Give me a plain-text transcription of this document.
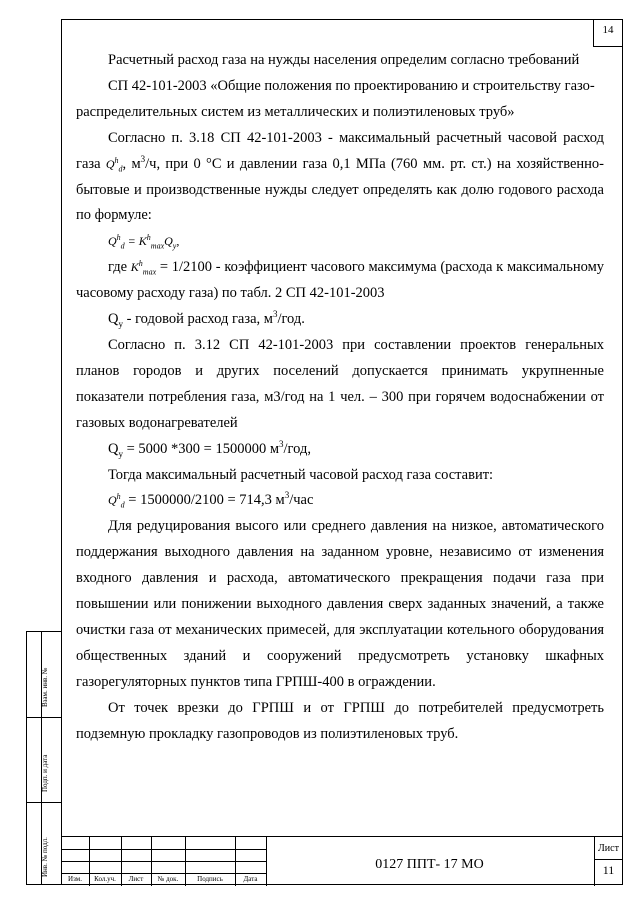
14
Расчетный расход газа на нужды населения определим согласно требований
СП 42-101-2003 «Общие положения по проектированию и строительству газо-
распределительных систем из металлических и полиэтиленовых труб»
Согласно п. 3.18 СП 42-101-2003 - максимальный расчетный часовой расход газа $Q^h_d$, $м^3/ч$, при 0 °С и давлении газа 0,1 МПа (760 мм. рт. ст.) на хозяйственно-бытовые и производственные нужды следует определять как долю годового расхода по формуле:
$Q^h_d = K^h_{max}Q_y$,
где $K^h_{max} = 1/2100$ - коэффициент часового максимума (расхода к максимальному часовому расходу газа) по табл. 2 СП 42-101-2003
$Q_y$ - годовой расход газа, $м^3$/год.
Согласно п. 3.12 СП 42-101-2003 при составлении проектов генеральных планов городов и других поселений допускается принимать укрупненные показатели потребления газа, м3/год на 1 чел. – 300 при горячем водоснабжении от газовых водонагревателей
$Q_y = 5000$ *300 = 1500000 $м^3$/год,
Тогда максимальный расчетный часовой расход газа составит:
$Q^h_d = 1500000/2100 = 714,3$ $м^3$/час
Для редуцирования высого или среднего давления на низкое, автоматического поддержания выходного давления на заданном уровне, независимо от изменения входного давления и расхода, автоматического прекращения подачи газа при повышении или понижении выходного давления сверх заданных значений, а также очистки газа от механических примесей, для эксплуатации котельного оборудования общественных зданий и сооружений предусмотреть установку шкафных газорегуляторных пунктов типа ГРПШ-400 в ограждении.
От точек врезки до ГРПШ и от ГРПШ до потребителей предусмотреть подземную прокладку газопроводов из полиэтиленовых труб.
Взам. инв. №
Подп. и дата
Инв. № подл.
Изм.	Кол.уч.	Лист	№ док.	Подпись	Дата
0127 ППТ- 17 МО
Лист
11
